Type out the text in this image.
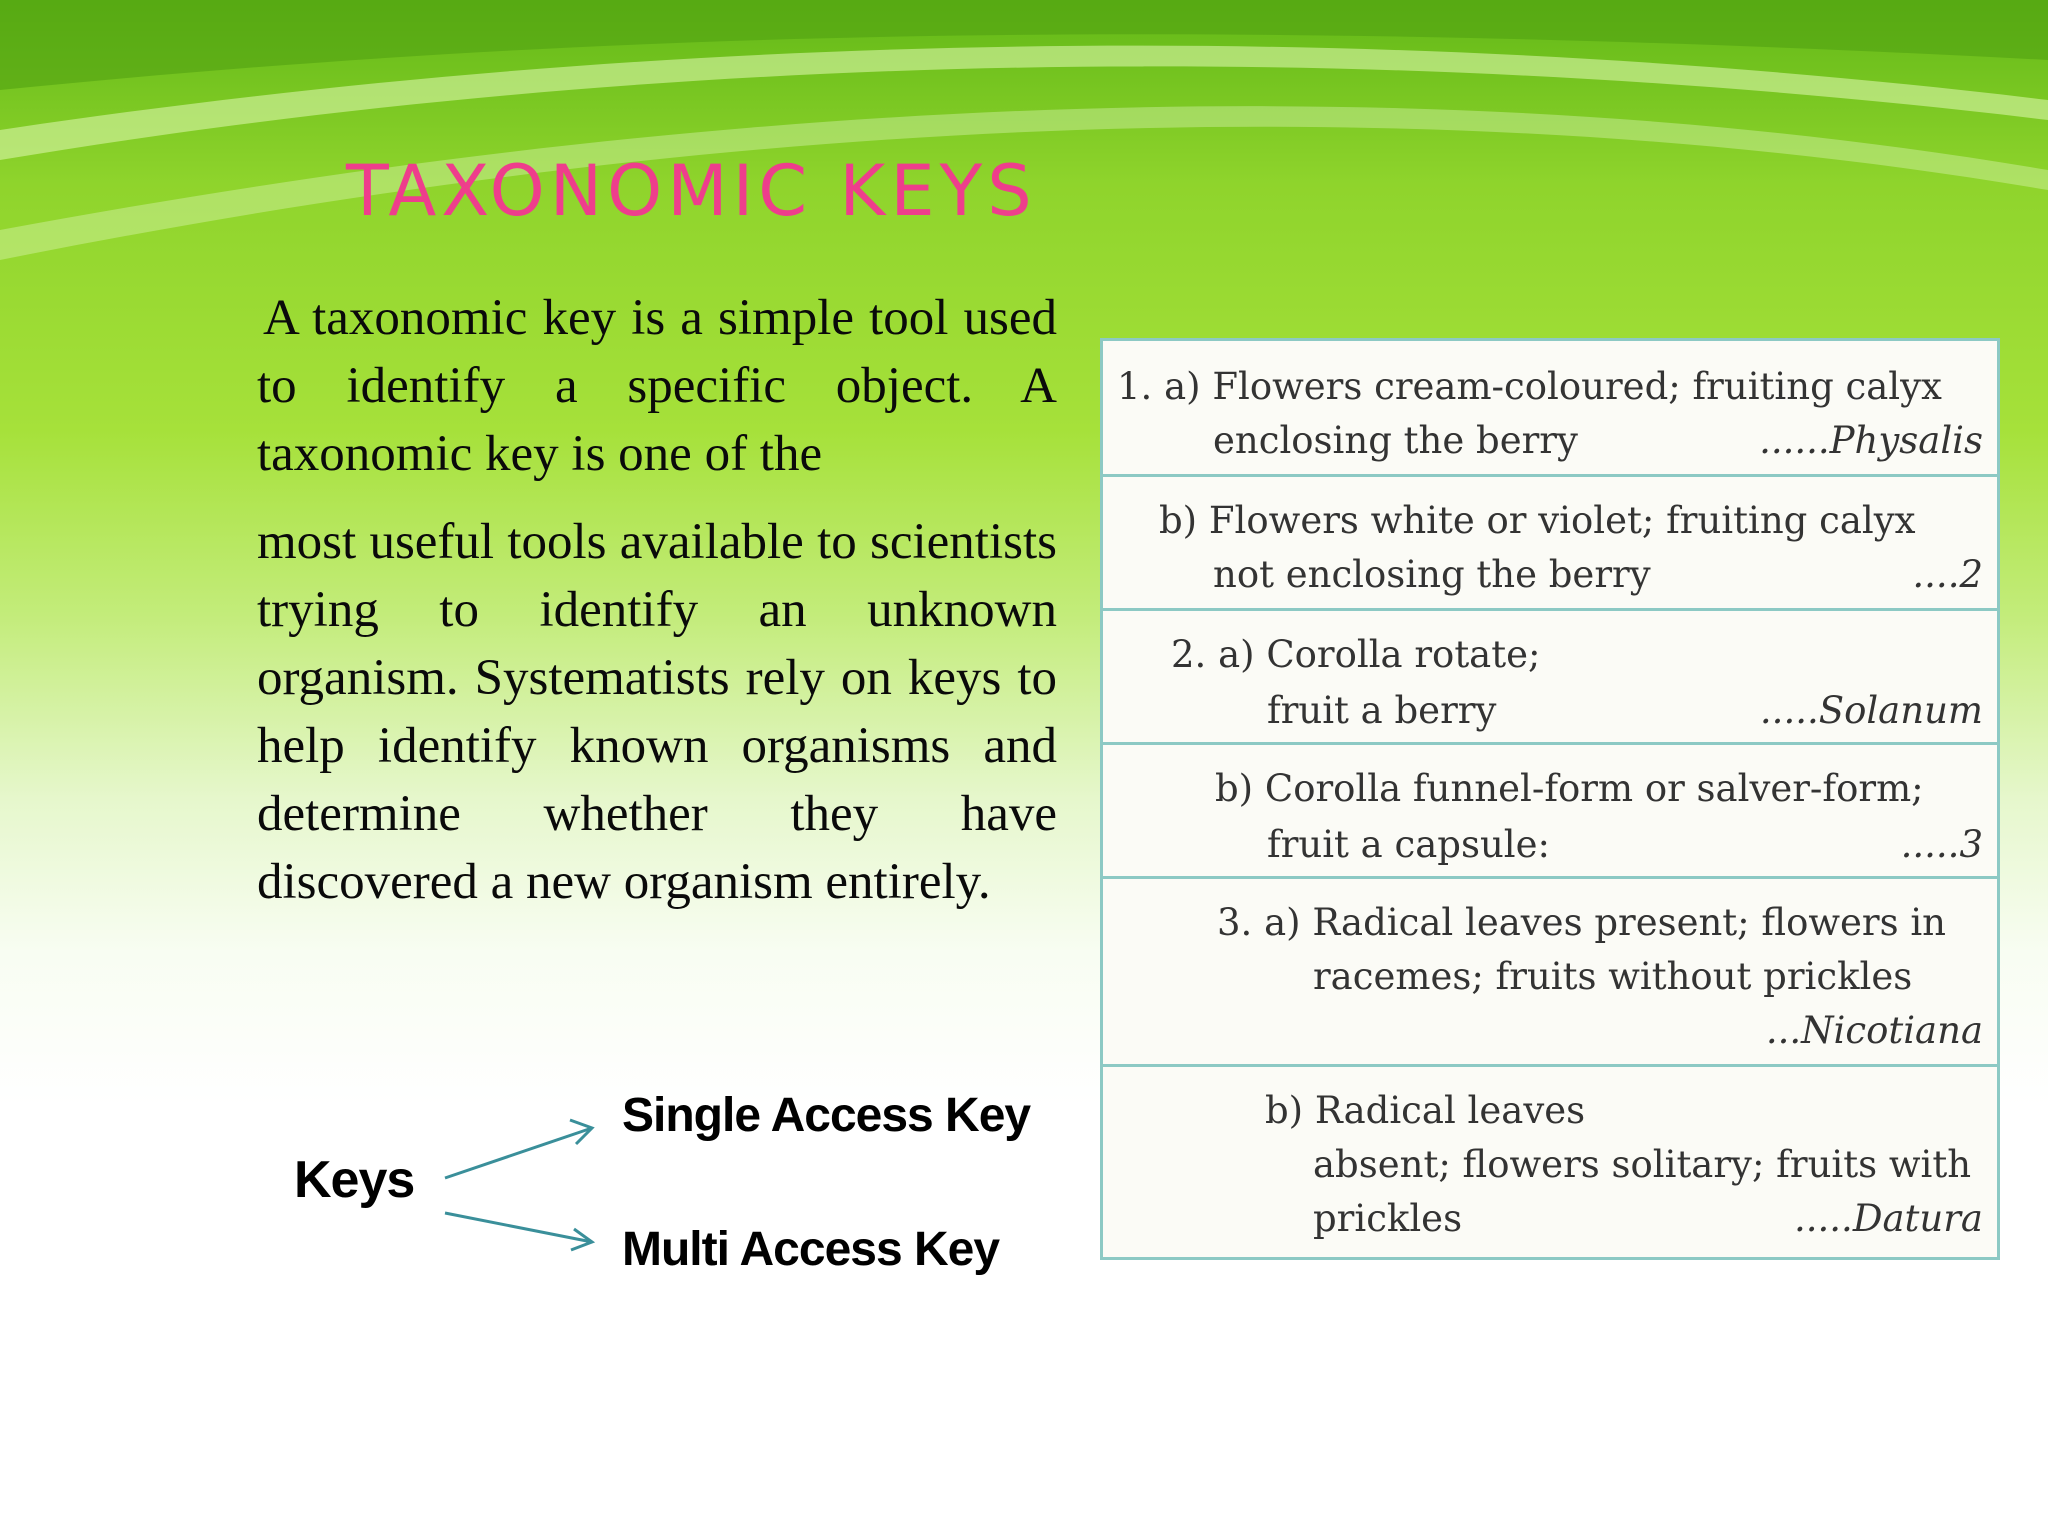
TAXONOMIC KEYS

A taxonomic key is a simple tool used to identify a specific object. A taxonomic key is one of the

most useful tools available to scientists trying to identify an unknown organism. Systematists rely on keys to help identify known organisms and determine whether they have discovered a new organism entirely.

Keys
Single Access Key
Multi Access Key
1. a) Flowers cream-coloured; fruiting calyx
enclosing the berry	......Physalis
b) Flowers white or violet; fruiting calyx
not enclosing the berry	....2
2. a) Corolla rotate;
fruit a berry	.....Solanum
b) Corolla funnel-form or salver-form;
fruit a capsule:	.....3
3. a) Radical leaves present; flowers in
racemes; fruits without prickles
...Nicotiana
b) Radical leaves
absent; flowers solitary; fruits with
prickles	.....Datura
